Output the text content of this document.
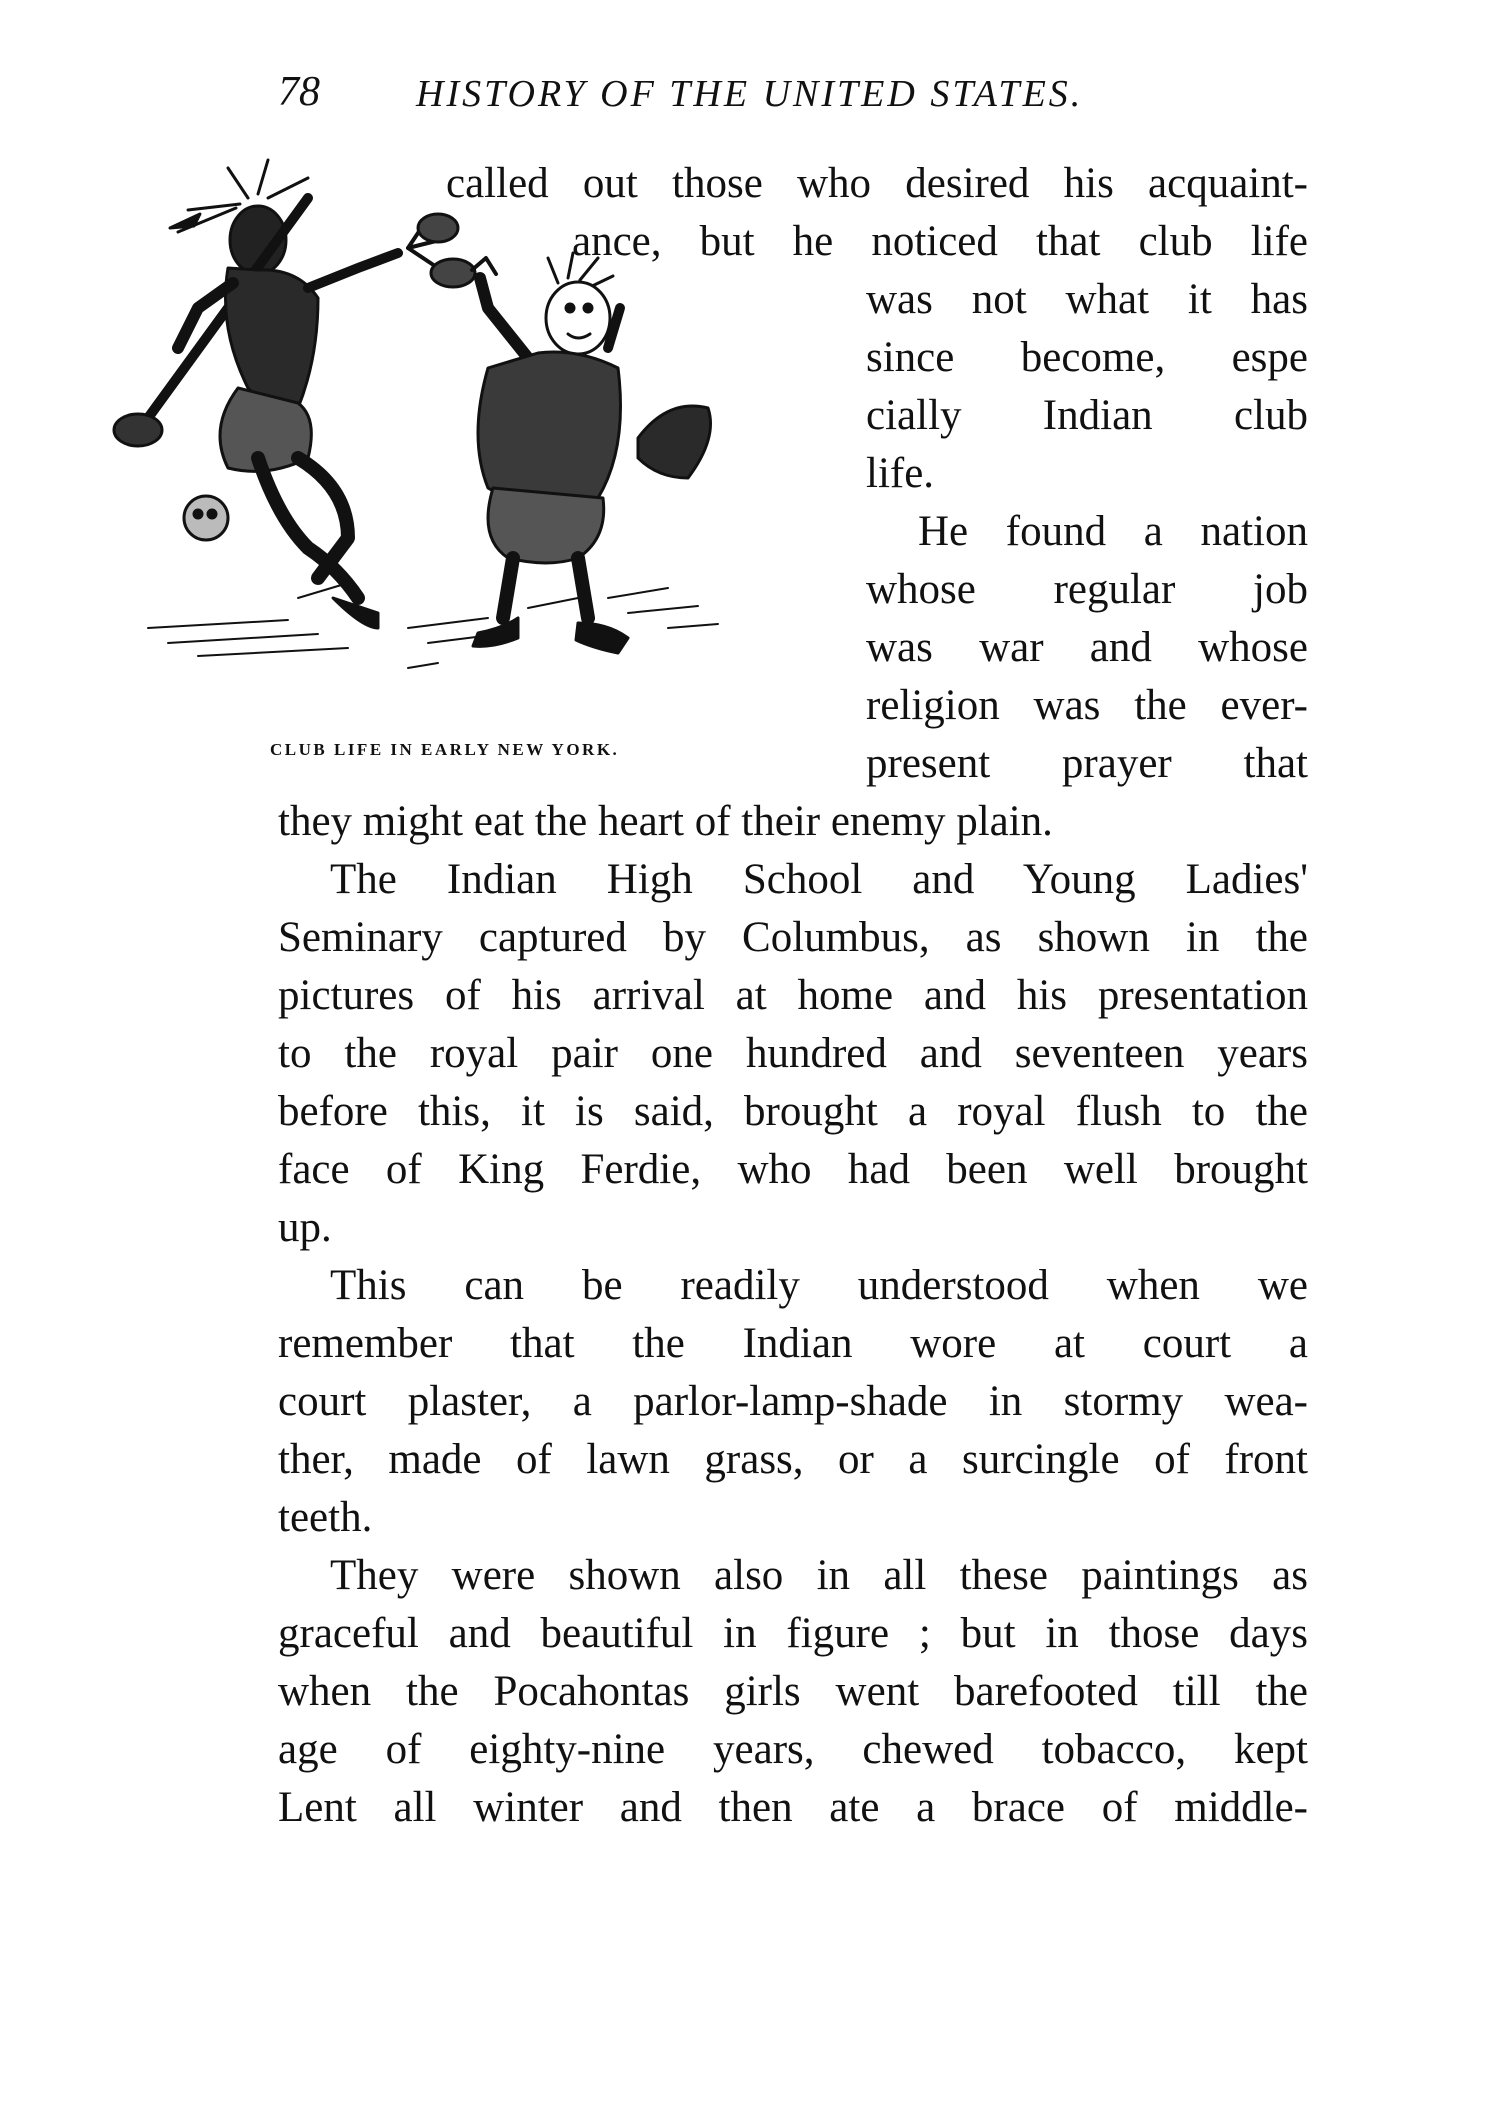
78	HISTORY OF THE UNITED STATES.
CLUB LIFE IN EARLY NEW YORK.
called out those who desired his acquaint-
ance, but he noticed that club life
was not what it has
since become, espe
cially Indian club
life.
He found a nation
whose regular job
was war and whose
religion was the ever-
present prayer that
they might eat the heart of their enemy plain.
The Indian High School and Young Ladies'
Seminary captured by Columbus, as shown in the
pictures of his arrival at home and his presentation
to the royal pair one hundred and seventeen years
before this, it is said, brought a royal flush to the
face of King Ferdie, who had been well brought
up.
This can be readily understood when we
remember that the Indian wore at court a
court plaster, a parlor-lamp-shade in stormy wea-
ther, made of lawn grass, or a surcingle of front
teeth.
They were shown also in all these paintings as
graceful and beautiful in figure ; but in those days
when the Pocahontas girls went barefooted till the
age of eighty-nine years, chewed tobacco, kept
Lent all winter and then ate a brace of middle-
